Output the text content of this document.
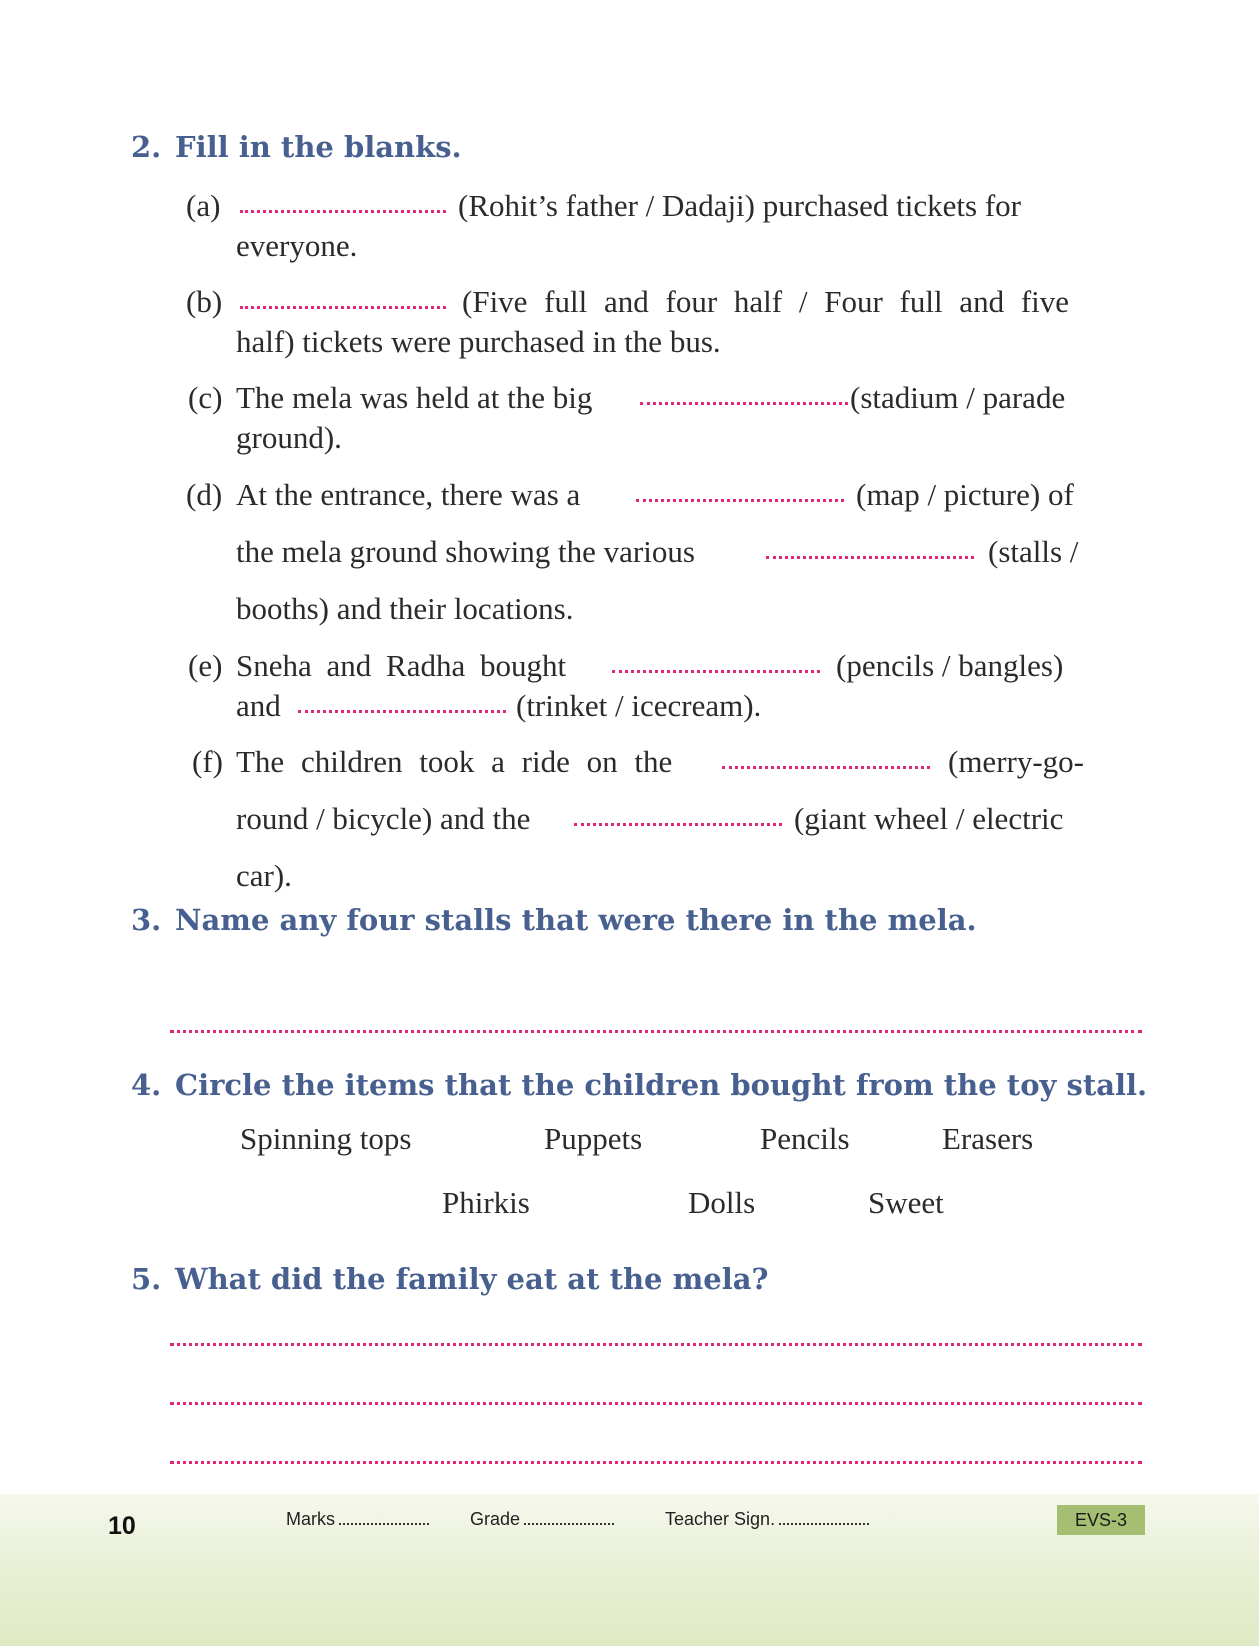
2. Fill in the blanks.
(a)	(Rohit’s father / Dadaji) purchased tickets for
everyone.
(b)	(Five full and four half / Four full and five
half) tickets were purchased in the bus.
(c) The mela was held at the big	(stadium / parade
ground).
(d) At the entrance, there was a	(map / picture) of
the mela ground showing the various	(stalls /
booths) and their locations.
(e) Sneha and Radha bought	(pencils / bangles)
and	(trinket / icecream).
(f) The children took a ride on the	(merry-go-
round / bicycle) and the	(giant wheel / electric
car).
3. Name any four stalls that were there in the mela.
4. Circle the items that the children bought from the toy stall.
Spinning tops	Puppets	Pencils	Erasers
Phirkis	Dolls	Sweet
5. What did the family eat at the mela?
10	Marks	Grade	Teacher Sign.	EVS-3
